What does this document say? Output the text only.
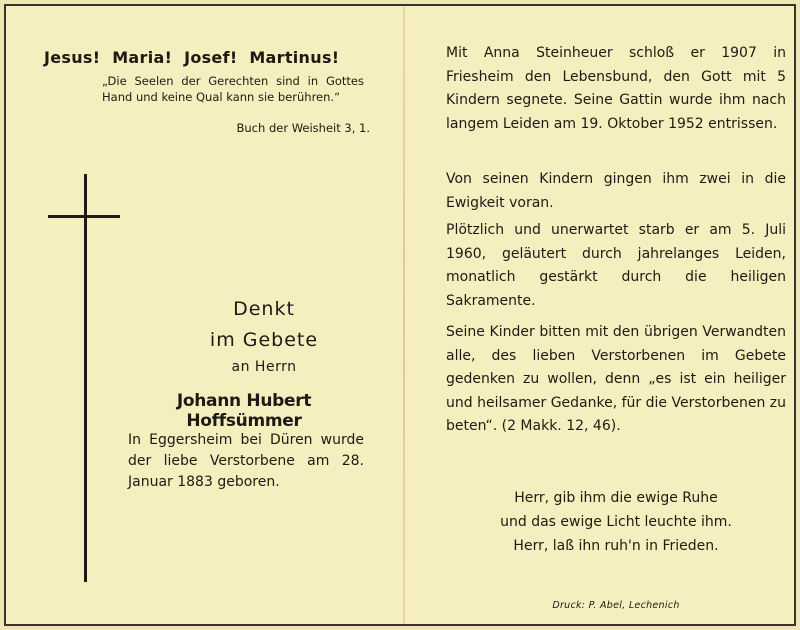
Jesus! Maria! Josef! Martinus!
„Die Seelen der Gerechten sind in Gottes Hand und keine Qual kann sie berühren.“
Buch der Weisheit 3, 1.
Denkt
im Gebete
an Herrn
Johann Hubert Hoffsümmer
In Eggersheim bei Düren wurde der liebe Verstorbene am 28. Januar 1883 geboren.
Mit Anna Steinheuer schloß er 1907 in Friesheim den Lebensbund, den Gott mit 5 Kindern segnete. Seine Gattin wurde ihm nach langem Leiden am 19. Oktober 1952 entrissen.
Von seinen Kindern gingen ihm zwei in die Ewigkeit voran.
Plötzlich und unerwartet starb er am 5. Juli 1960, geläutert durch jahrelanges Leiden, monatlich gestärkt durch die heiligen Sakramente.
Seine Kinder bitten mit den übrigen Verwandten alle, des lieben Verstorbenen im Gebete gedenken zu wollen, denn „es ist ein heiliger und heilsamer Gedanke, für die Verstorbenen zu beten“. (2 Makk. 12, 46).
Herr, gib ihm die ewige Ruhe
und das ewige Licht leuchte ihm.
Herr, laß ihn ruh'n in Frieden.
Druck: P. Abel, Lechenich
